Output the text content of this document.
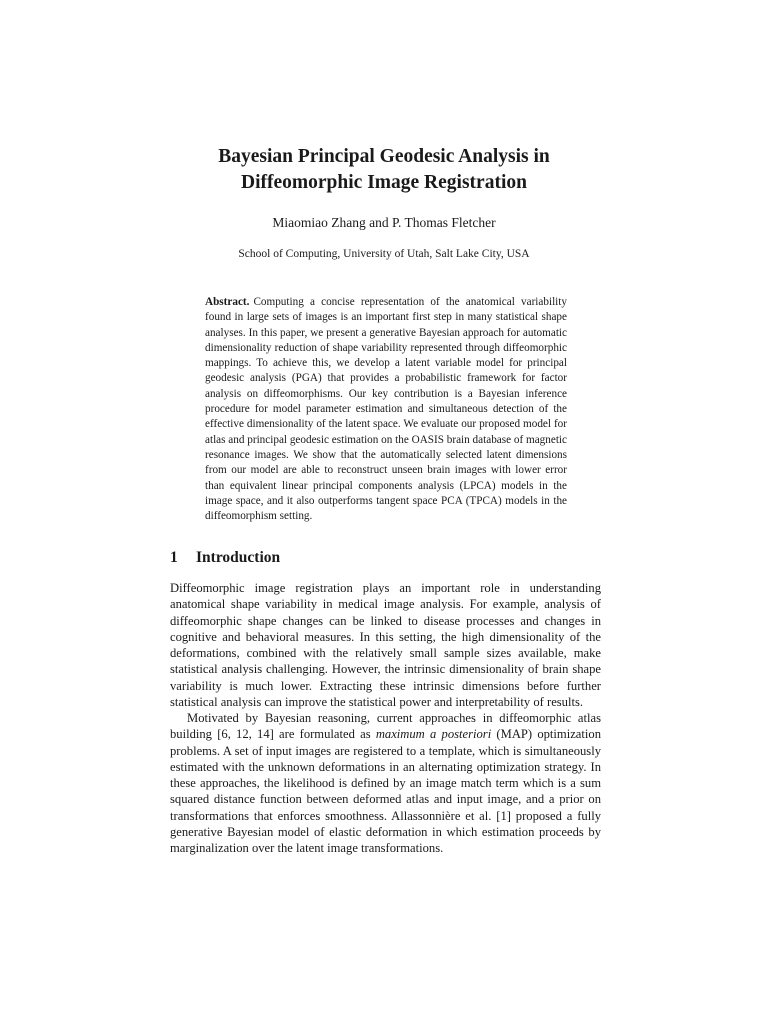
Bayesian Principal Geodesic Analysis in
Diffeomorphic Image Registration
Miaomiao Zhang and P. Thomas Fletcher
School of Computing, University of Utah, Salt Lake City, USA

Abstract. Computing a concise representation of the anatomical variability found in large sets of images is an important first step in many statistical shape analyses. In this paper, we present a generative Bayesian approach for automatic dimensionality reduction of shape variability represented through diffeomorphic mappings. To achieve this, we develop a latent variable model for principal geodesic analysis (PGA) that provides a probabilistic framework for factor analysis on diffeomorphisms. Our key contribution is a Bayesian inference procedure for model parameter estimation and simultaneous detection of the effective dimensionality of the latent space. We evaluate our proposed model for atlas and principal geodesic estimation on the OASIS brain database of magnetic resonance images. We show that the automatically selected latent dimensions from our model are able to reconstruct unseen brain images with lower error than equivalent linear principal components analysis (LPCA) models in the image space, and it also outperforms tangent space PCA (TPCA) models in the diffeomorphism setting.

1 Introduction

Diffeomorphic image registration plays an important role in understanding anatomical shape variability in medical image analysis. For example, analysis of diffeomorphic shape changes can be linked to disease processes and changes in cognitive and behavioral measures. In this setting, the high dimensionality of the deformations, combined with the relatively small sample sizes available, make statistical analysis challenging. However, the intrinsic dimensionality of brain shape variability is much lower. Extracting these intrinsic dimensions before further statistical analysis can improve the statistical power and interpretability of results.

Motivated by Bayesian reasoning, current approaches in diffeomorphic atlas building [6, 12, 14] are formulated as maximum a posteriori (MAP) optimization problems. A set of input images are registered to a template, which is simultaneously estimated with the unknown deformations in an alternating optimization strategy. In these approaches, the likelihood is defined by an image match term which is a sum squared distance function between deformed atlas and input image, and a prior on transformations that enforces smoothness. Allassonnière et al. [1] proposed a fully generative Bayesian model of elastic deformation in which estimation proceeds by marginalization over the latent image transformations.
